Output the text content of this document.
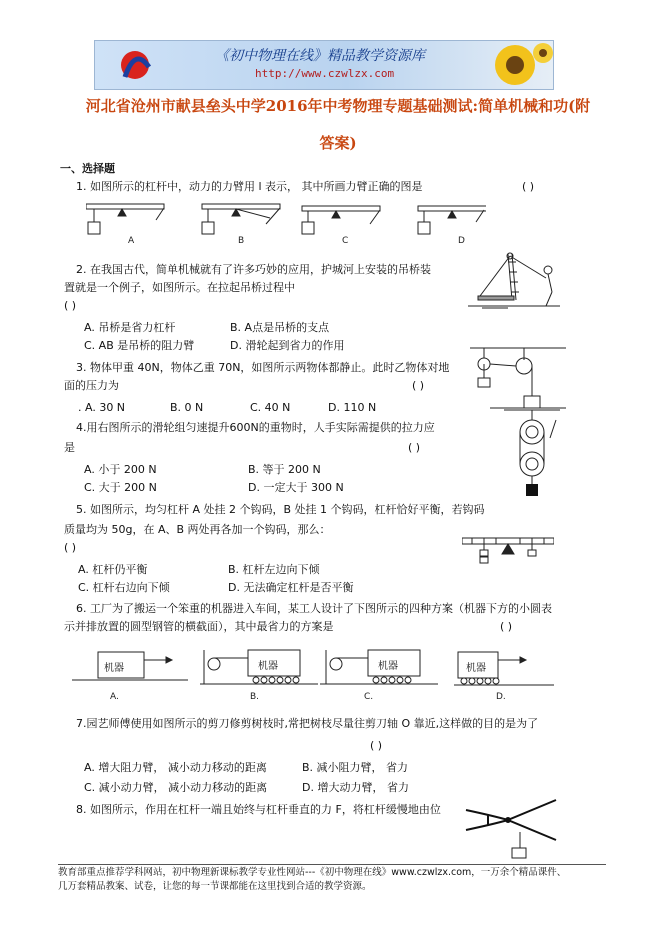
《初中物理在线》精品教学资源库
http://www.czwlzx.com
河北省沧州市献县垒头中学2016年中考物理专题基础测试:简单机械和功(附
答案)
一、选择题
1. 如图所示的杠杆中，动力的力臂用 l 表示， 其中所画力臂正确的图是	( )
A	B	C	D
2. 在我国古代，简单机械就有了许多巧妙的应用，护城河上安装的吊桥装
置就是一个例子，如图所示。在拉起吊桥过程中
( )
A. 吊桥是省力杠杆	B. A点是吊桥的支点
C. AB 是吊桥的阻力臂	D. 滑轮起到省力的作用
3. 物体甲重 40N，物体乙重 70N，如图所示两物体都静止。此时乙物体对地
面的压力为	( )
. A. 30 N	B. 0 N	C. 40 N	D. 110 N
4.用右图所示的滑轮组匀速提升600N的重物时，人手实际需提供的拉力应
是	( )
A. 小于 200 N	B. 等于 200 N
C. 大于 200 N	D. 一定大于 300 N
5. 如图所示，均匀杠杆 A 处挂 2 个钩码，B 处挂 1 个钩码，杠杆恰好平衡，若钩码
质量均为 50g，在 A、B 两处再各加一个钩码，那么：
( )
A. 杠杆仍平衡	B. 杠杆左边向下倾
C. 杠杆右边向下倾	D. 无法确定杠杆是否平衡
6. 工厂为了搬运一个笨重的机器进入车间，某工人设计了下图所示的四种方案（机器下方的小圆表
示并排放置的圆型钢管的横截面），其中最省力的方案是	( )
机器	机器	机器	机器
A.	B.	C.	D.
7.园艺师傅使用如图所示的剪刀修剪树枝时,常把树枝尽量往剪刀轴 O 靠近,这样做的目的是为了
( )
A. 增大阻力臂， 减小动力移动的距离	B. 减小阻力臂， 省力
C. 减小动力臂， 减小动力移动的距离	D. 增大动力臂， 省力
8. 如图所示，作用在杠杆一端且始终与杠杆垂直的力 F，将杠杆缓慢地由位
教育部重点推荐学科网站，初中物理新课标教学专业性网站---《初中物理在线》www.czwlzx.com，一万余个精品课件、
几万套精品教案、试卷，让您的每一节课都能在这里找到合适的教学资源。
